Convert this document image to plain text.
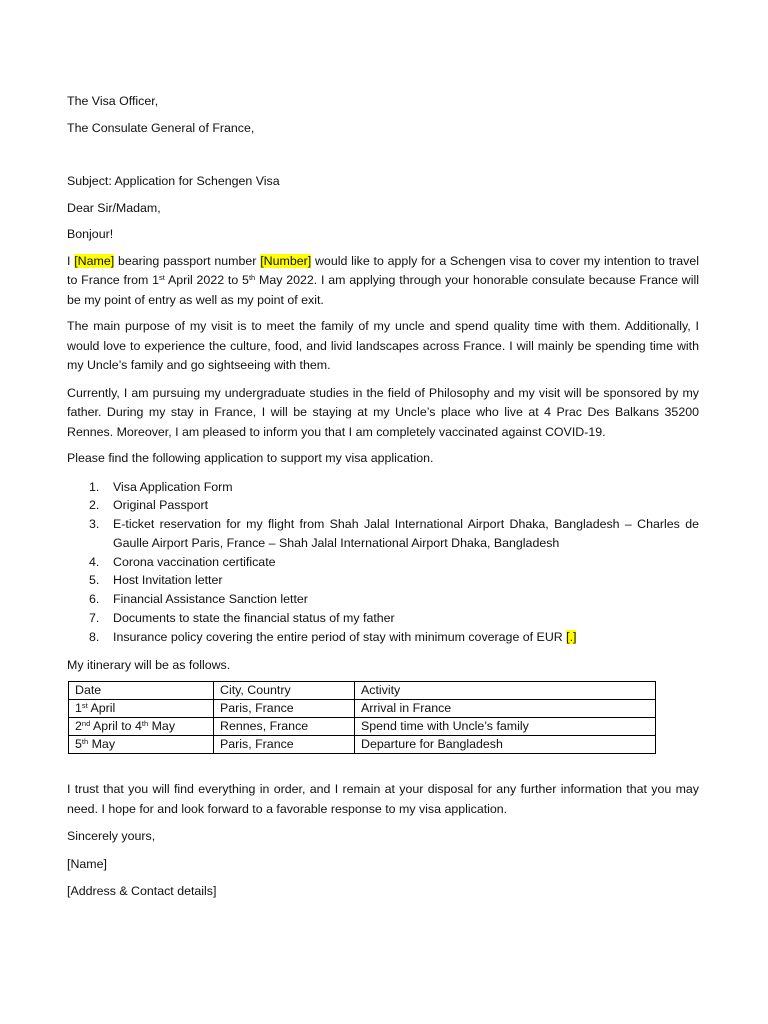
The Visa Officer,

The Consulate General of France,

Subject: Application for Schengen Visa

Dear Sir/Madam,

Bonjour!

I [Name] bearing passport number [Number] would like to apply for a Schengen visa to cover my intention to travel to France from 1st April 2022 to 5th May 2022. I am applying through your honorable consulate because France will be my point of entry as well as my point of exit.

The main purpose of my visit is to meet the family of my uncle and spend quality time with them. Additionally, I would love to experience the culture, food, and livid landscapes across France. I will mainly be spending time with my Uncle’s family and go sightseeing with them.

Currently, I am pursuing my undergraduate studies in the field of Philosophy and my visit will be sponsored by my father. During my stay in France, I will be staying at my Uncle’s place who live at 4 Prac Des Balkans 35200 Rennes. Moreover, I am pleased to inform you that I am completely vaccinated against COVID-19.

Please find the following application to support my visa application.

1. Visa Application Form
2. Original Passport
3. E-ticket reservation for my flight from Shah Jalal International Airport Dhaka, Bangladesh – Charles de Gaulle Airport Paris, France – Shah Jalal International Airport Dhaka, Bangladesh
4. Corona vaccination certificate
5. Host Invitation letter
6. Financial Assistance Sanction letter
7. Documents to state the financial status of my father
8. Insurance policy covering the entire period of stay with minimum coverage of EUR [.]

My itinerary will be as follows.

Date	City, Country	Activity
1st April	Paris, France	Arrival in France
2nd April to 4th May	Rennes, France	Spend time with Uncle’s family
5th May	Paris, France	Departure for Bangladesh

I trust that you will find everything in order, and I remain at your disposal for any further information that you may need. I hope for and look forward to a favorable response to my visa application.

Sincerely yours,

[Name]

[Address & Contact details]
